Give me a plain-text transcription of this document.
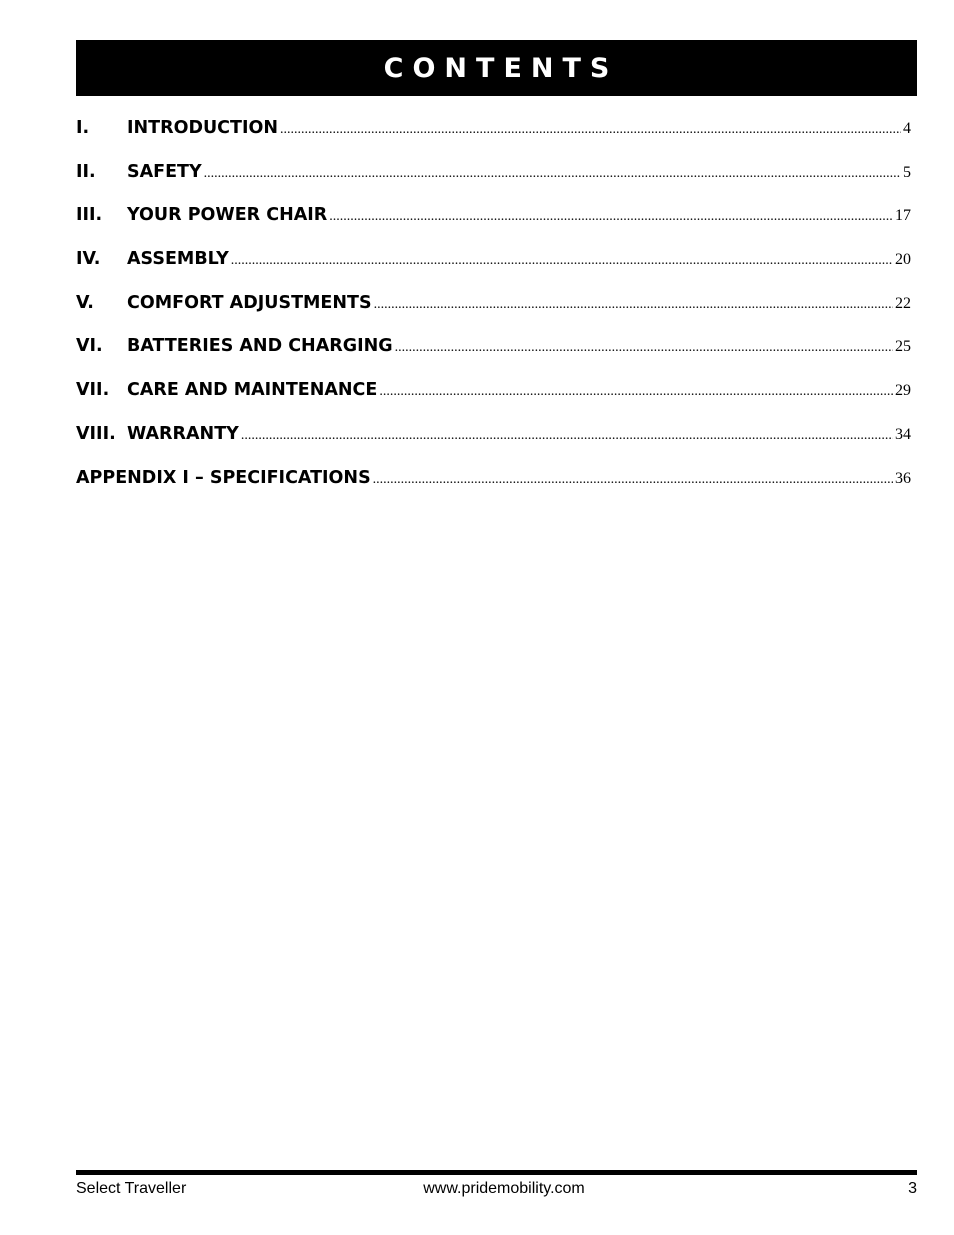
CONTENTS
I.	INTRODUCTION .....	4
II.	SAFETY .....	5
III.	YOUR POWER CHAIR .....	17
IV.	ASSEMBLY .....	20
V.	COMFORT ADJUSTMENTS .....	22
VI.	BATTERIES AND CHARGING .....	25
VII.	CARE AND MAINTENANCE .....	29
VIII. WARRANTY .....	34
APPENDIX I – SPECIFICATIONS .....	36
Select Traveller	www.pridemobility.com	3
